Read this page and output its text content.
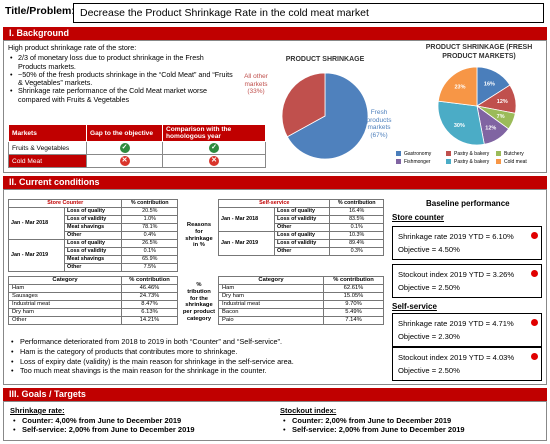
Title/Problem: Decrease the Product Shrinkage Rate in the cold meat market
I. Background
High product shrinkage rate of the store:
• 2/3 of monetary loss due to product shrinkage in the Fresh Products markets.
• ~50% of the fresh products shrinkage in the “Cold Meat” and “Fruits & Vegetables” markets.
• Shrinkage rate performance of the Cold Meat market worse compared with Fruits & Vegetables
Markets	Gap to the objective	Comparison with the homologous year
Fruits & Vegetables	✓	✓
Cold Meat	✕	✕
PRODUCT SHRINKAGE
All other
markets
(33%)
Fresh
products
markets
(67%)
PRODUCT SHRINKAGE (FRESH PRODUCT MARKETS)
16%
12%
7%
12%
30%
23%
Gastronomy	Pastry & bakery	ButcheryFishmonger	Pastry & bakery	Cold meat
II. Current conditions
Store Counter		% contribution
Jan - Mar 2018	Loss of quality	20.5%
	Loss of validity	1.0%
	Meat shavings	78.1%
	Other	0.4%
Jan - Mar 2019	Loss of quality	26.5%
	Loss of validity	0.1%
	Meat shavings	65.9%
	Other	7.5%
Reasons
for
shrinkage
in %
Self-service		% contribution
Jan - Mar 2018	Loss of quality	16.4%
	Loss of validity	83.5%
	Other	0.1%
Jan - Mar 2019	Loss of quality	10.3%
	Loss of validity	89.4%
	Other	0.3%
Category	% contribution
Ham	46.46%
Sausages	24.73%
Industrial meat	8.47%
Dry ham	6.13%
Other	14.21%
%
tribution
for the
shrinkage
per product
category
Category	% contribution
Ham	62.61%
Dry ham	15.05%
Industrial meat	9.70%
Bacon	5.49%
Paio	7.14%
• Performance deteriorated from 2018 to 2019 in both “Counter” and “Self-service”.
• Ham is the category of products that contributes more to shrinkage.
• Loss of expiry date (validity) is the main reason for shrinkage in the self-service area.
• Too much meat shavings is the main reason for the shrinkage in the counter.
Baseline performance
Store counter
Shrinkage rate 2019 YTD = 6.10%
Objective = 4.50%
Stockout index 2019 YTD = 3.26%
Objective = 2.50%
Self-service
Shrinkage rate 2019 YTD = 4.71%
Objective = 2.30%
Stockout index 2019 YTD = 4.03%
Objective = 2.50%
III. Goals / Targets
Shrinkage rate:
• Counter: 4,00% from June to December 2019
• Self-service: 2,00% from June to December 2019
Stockout index:
• Counter: 2,00% from June to December 2019
• Self-service: 2,00% from June to December 2019
